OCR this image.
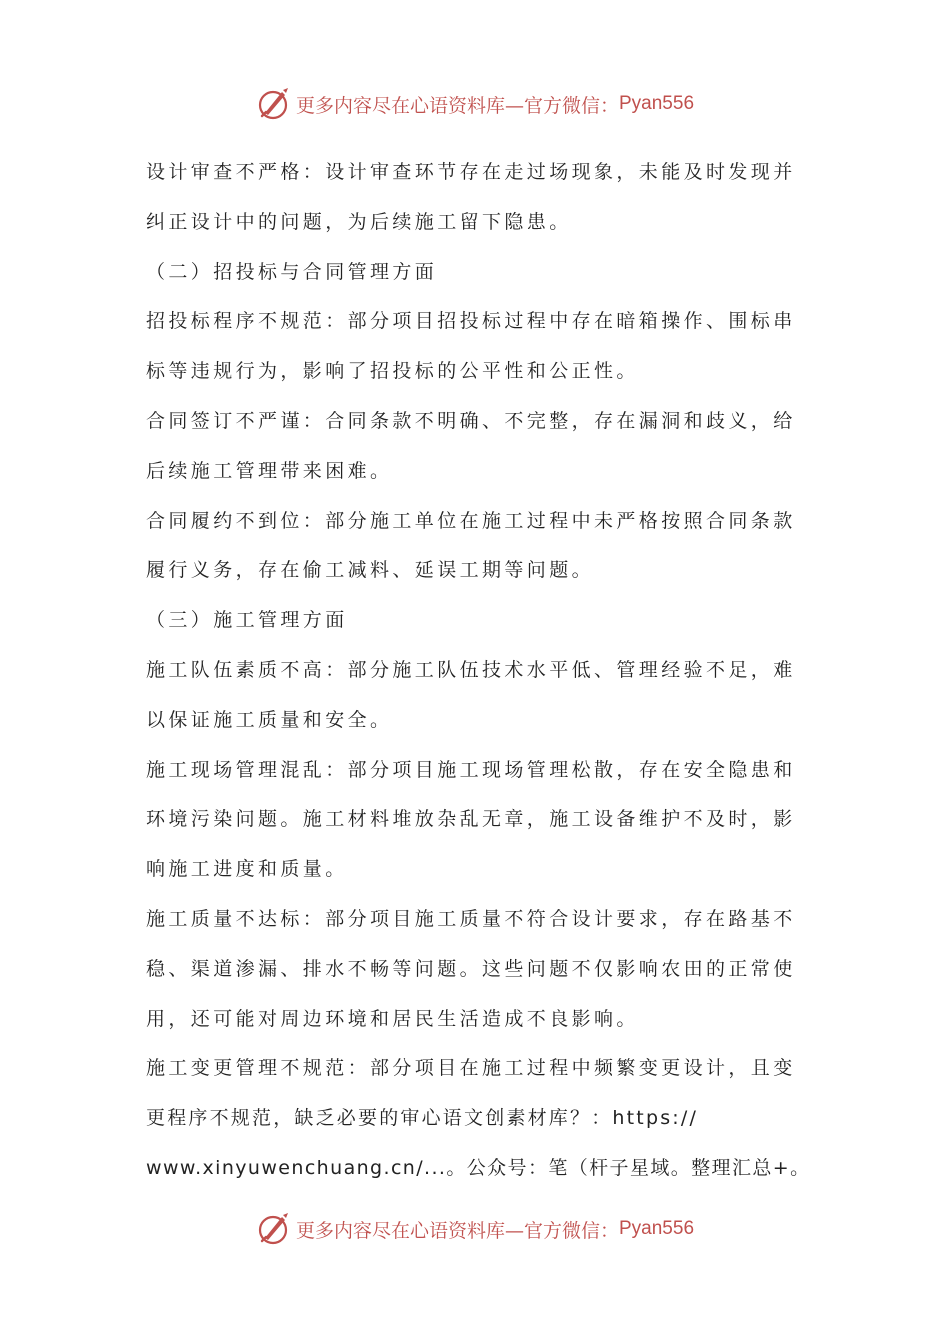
更多内容尽在心语资料库—官方微信： Pyan556
设计审查不严格：设计审查环节存在走过场现象，未能及时发现并
纠正设计中的问题，为后续施工留下隐患。
（二）招投标与合同管理方面
招投标程序不规范：部分项目招投标过程中存在暗箱操作、围标串
标等违规行为，影响了招投标的公平性和公正性。
合同签订不严谨：合同条款不明确、不完整，存在漏洞和歧义，给
后续施工管理带来困难。
合同履约不到位：部分施工单位在施工过程中未严格按照合同条款
履行义务，存在偷工减料、延误工期等问题。
（三）施工管理方面
施工队伍素质不高：部分施工队伍技术水平低、管理经验不足，难
以保证施工质量和安全。
施工现场管理混乱：部分项目施工现场管理松散，存在安全隐患和
环境污染问题。施工材料堆放杂乱无章，施工设备维护不及时，影
响施工进度和质量。
施工质量不达标：部分项目施工质量不符合设计要求，存在路基不
稳、渠道渗漏、排水不畅等问题。这些问题不仅影响农田的正常使
用，还可能对周边环境和居民生活造成不良影响。
施工变更管理不规范：部分项目在施工过程中频繁变更设计，且变
更程序不规范，缺乏必要的审心语文创素材库？：https://
www.xinyuwenchuang.cn/...。公众号：笔（杆子星域。整理汇总+。
更多内容尽在心语资料库—官方微信： Pyan556
